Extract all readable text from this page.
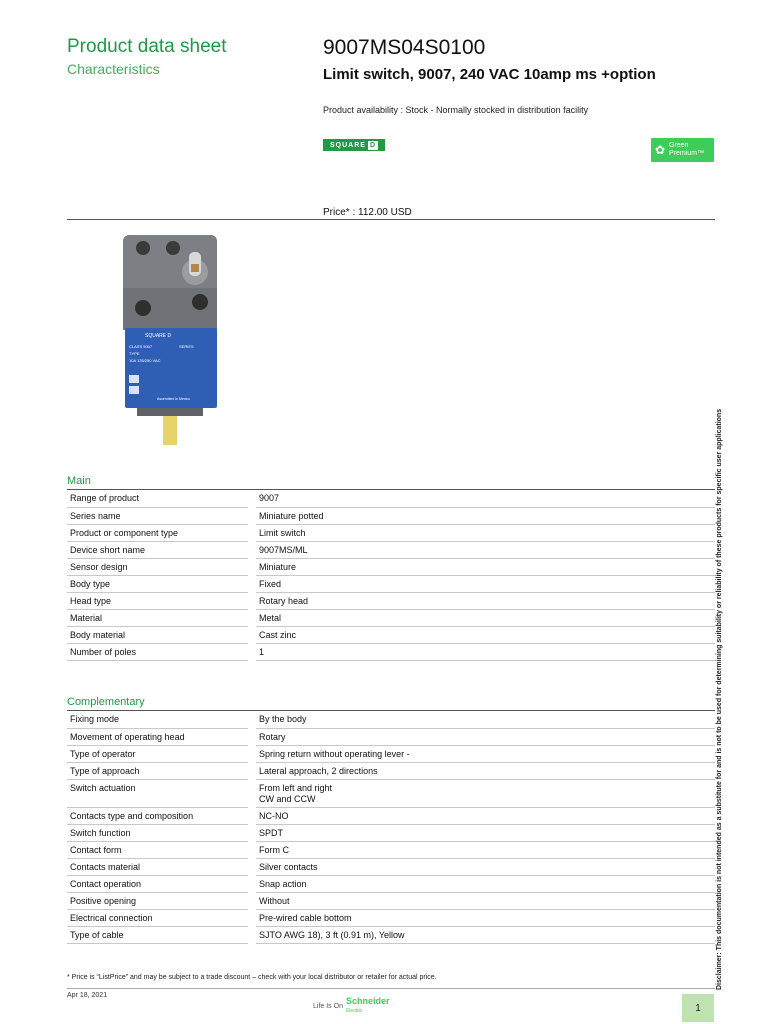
Product data sheet
Characteristics
9007MS04S0100
Limit switch, 9007, 240 VAC 10amp ms +option
Product availability : Stock - Normally stocked in distribution facility
SQUARE D	✿ Green
Premium™
Price* : 112.00 USD
SQUARE D
CLASS 9007	SERIES
TYPE
10A 125/250 VAC
Assembled in Mexico
Main
Range of product	9007
Series name	Miniature potted
Product or component type	Limit switch
Device short name	9007MS/ML
Sensor design	Miniature
Body type	Fixed
Head type	Rotary head
Material	Metal
Body material	Cast zinc
Number of poles	1
Complementary
Fixing mode	By the body
Movement of operating head	Rotary
Type of operator	Spring return without operating lever -
Type of approach	Lateral approach, 2 directions
Switch actuation	From left and right
CW and CCW
Contacts type and composition	NC-NO
Switch function	SPDT
Contact form	Form C
Contacts material	Silver contacts
Contact operation	Snap action
Positive opening	Without
Electrical connection	Pre-wired cable bottom
Type of cable	SJTO AWG 18), 3 ft (0.91 m), Yellow
* Price is “ListPrice” and may be subject to a trade discount – check with your local distributor or retailer for actual price.
Apr 18, 2021
Life Is On Schneider
Electric	1
Disclaimer: This documentation is not intended as a substitute for and is not to be used for determining suitability or reliability of these products for specific user applications
